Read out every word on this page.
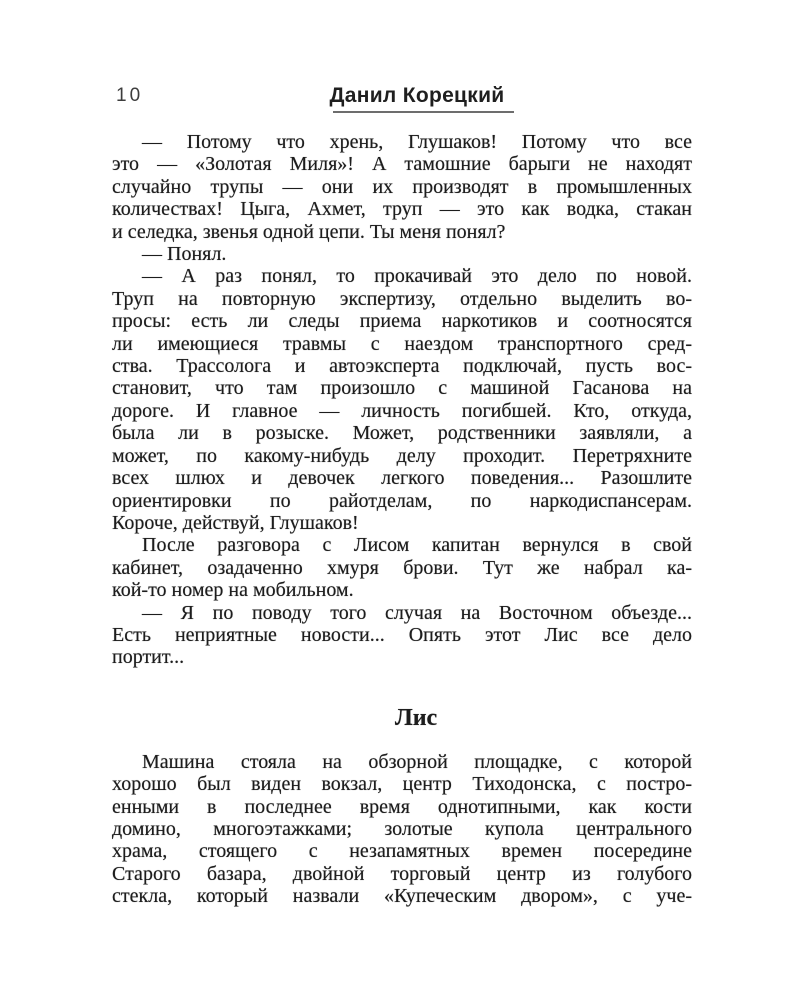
10	Данил Корецкий
— Потому что хрень, Глушаков! Потому что все
это — «Золотая Миля»! А тамошние барыги не находят
случайно трупы — они их производят в промышленных
количествах! Цыга, Ахмет, труп — это как водка, стакан
и селедка, звенья одной цепи. Ты меня понял?
— Понял.
— А раз понял, то прокачивай это дело по новой.
Труп на повторную экспертизу, отдельно выделить во-
просы: есть ли следы приема наркотиков и соотносятся
ли имеющиеся травмы с наездом транспортного сред-
ства. Трассолога и автоэксперта подключай, пусть вос-
становит, что там произошло с машиной Гасанова на
дороге. И главное — личность погибшей. Кто, откуда,
была ли в розыске. Может, родственники заявляли, а
может, по какому-нибудь делу проходит. Перетряхните
всех шлюх и девочек легкого поведения... Разошлите
ориентировки по райотделам, по наркодиспансерам.
Короче, действуй, Глушаков!
После разговора с Лисом капитан вернулся в свой
кабинет, озадаченно хмуря брови. Тут же набрал ка-
кой-то номер на мобильном.
— Я по поводу того случая на Восточном объезде...
Есть неприятные новости... Опять этот Лис все дело
портит...
Лис
Машина стояла на обзорной площадке, с которой
хорошо был виден вокзал, центр Тиходонска, с постро-
енными в последнее время однотипными, как кости
домино, многоэтажками; золотые купола центрального
храма, стоящего с незапамятных времен посередине
Старого базара, двойной торговый центр из голубого
стекла, который назвали «Купеческим двором», с уче-
